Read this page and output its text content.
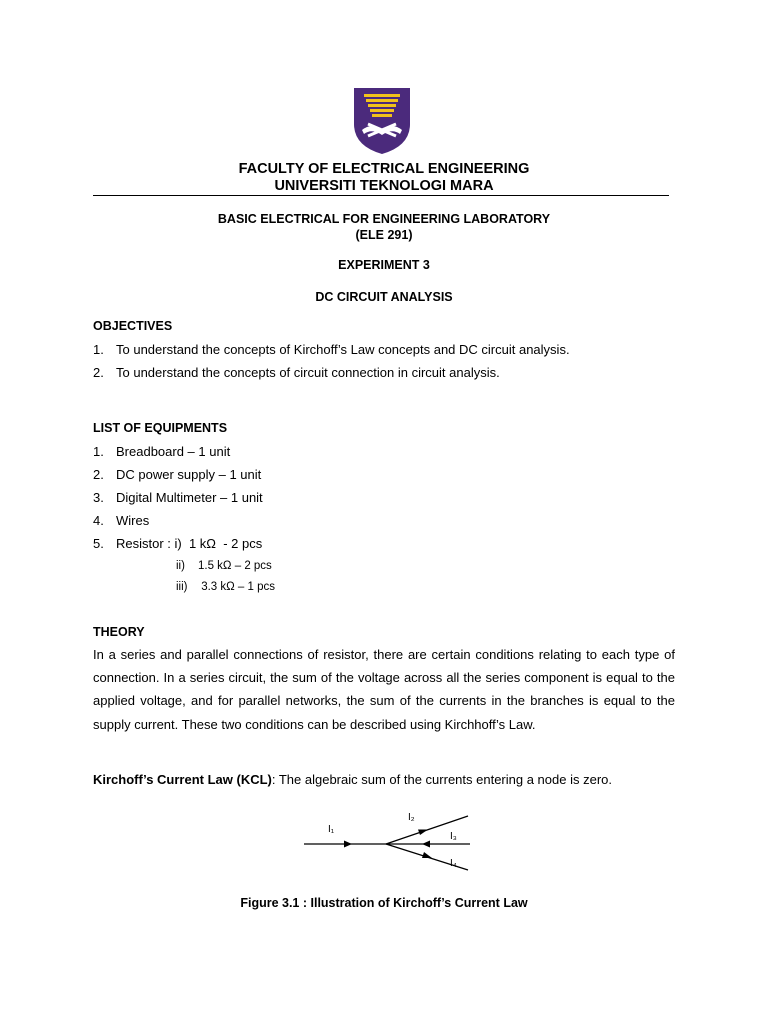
FACULTY OF ELECTRICAL ENGINEERING
UNIVERSITI TEKNOLOGI MARA
BASIC ELECTRICAL FOR ENGINEERING LABORATORY
(ELE 291)
EXPERIMENT 3
DC CIRCUIT ANALYSIS
OBJECTIVES
1. To understand the concepts of Kirchoff’s Law concepts and DC circuit analysis.
2. To understand the concepts of circuit connection in circuit analysis.
LIST OF EQUIPMENTS
1. Breadboard – 1 unit
2. DC power supply – 1 unit
3. Digital Multimeter – 1 unit
4. Wires
5. Resistor : i)  1 kΩ  - 2 pcs
ii) 1.5 kΩ – 2 pcs
iii) 3.3 kΩ – 1 pcs
THEORY
In a series and parallel connections of resistor, there are certain conditions relating to each type of connection. In a series circuit, the sum of the voltage across all the series component is equal to the applied voltage, and for parallel networks, the sum of the currents in the branches is equal to the supply current. These two conditions can be described using Kirchhoff’s Law.
Kirchoff’s Current Law (KCL): The algebraic sum of the currents entering a node is zero.
I₁
I₂
I₃
I₄
Figure 3.1 : Illustration of Kirchoff’s Current Law
